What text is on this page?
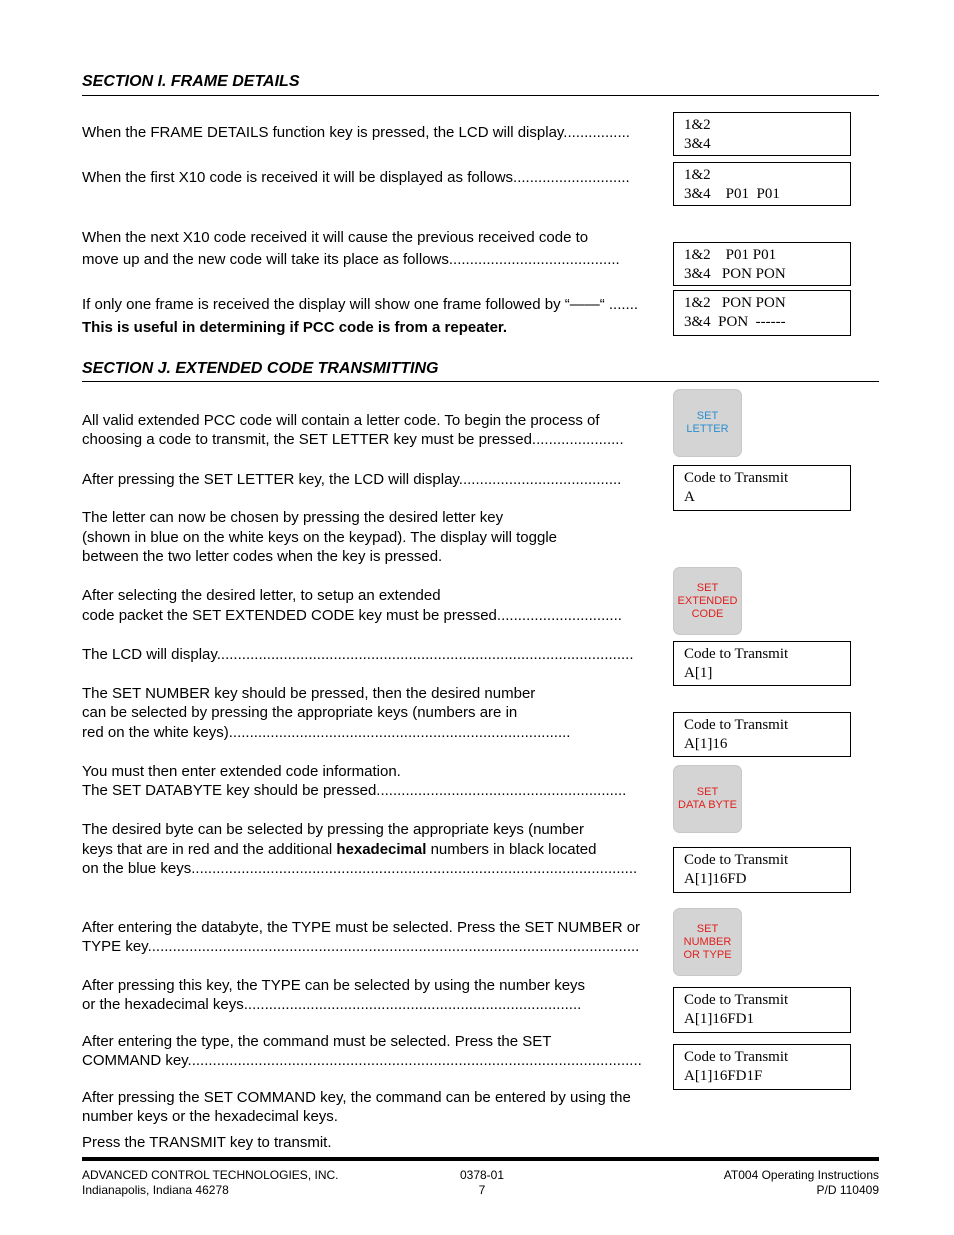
SECTION I. FRAME DETAILS
When the FRAME DETAILS function key is pressed, the LCD will display................	1&2
3&4
When the first X10 code is received it will be displayed as follows............................	1&2
3&4    P01  P01
When the next X10 code received it will cause the previous received code to
move up and the new code will take its place as follows.........................................	1&2    P01 P01
3&4   PON PON
If only one frame is received the display will show one frame followed by “——“ .......
This is useful in determining if PCC code is from a repeater.
1&2   PON PON
3&4  PON  ------
SECTION J. EXTENDED CODE TRANSMITTING
All valid extended PCC code will contain a letter code. To begin the process of
choosing a code to transmit, the SET LETTER key must be pressed......................
SET
LETTER
After pressing the SET LETTER key, the LCD will display.......................................	Code to Transmit
A
The letter can now be chosen by pressing the desired letter key
(shown in blue on the white keys on the keypad). The display will toggle
between the two letter codes when the key is pressed.
After selecting the desired letter, to setup an extended
code packet the SET EXTENDED CODE key must be pressed..............................
SET
EXTENDED
CODE
The LCD will display....................................................................................................	Code to Transmit
A[1]
The SET NUMBER key should be pressed, then the desired number
can be selected by pressing the appropriate keys (numbers are in
red on the white keys)..................................................................................	Code to Transmit
A[1]16
You must then enter extended code information.
The SET DATABYTE key should be pressed............................................................	SET
DATA BYTE
The desired byte can be selected by pressing the appropriate keys (number
keys that are in red and the additional hexadecimal numbers in black located
on the blue keys...........................................................................................................	Code to Transmit
A[1]16FD
After entering the databyte, the TYPE must be selected. Press the SET NUMBER or
TYPE key......................................................................................................................
SET
NUMBER
OR TYPE
After pressing this key, the TYPE can be selected by using the number keys
or the hexadecimal keys.................................................................................	Code to Transmit
A[1]16FD1
After entering the type, the command must be selected. Press the SET
COMMAND key.............................................................................................................	Code to Transmit
A[1]16FD1F
After pressing the SET COMMAND key, the command can be entered by using the
number keys or the hexadecimal keys.
Press the TRANSMIT key to transmit.
ADVANCED CONTROL TECHNOLOGIES, INC.
Indianapolis, Indiana 46278
0378-01
7
AT004 Operating Instructions
P/D 110409
